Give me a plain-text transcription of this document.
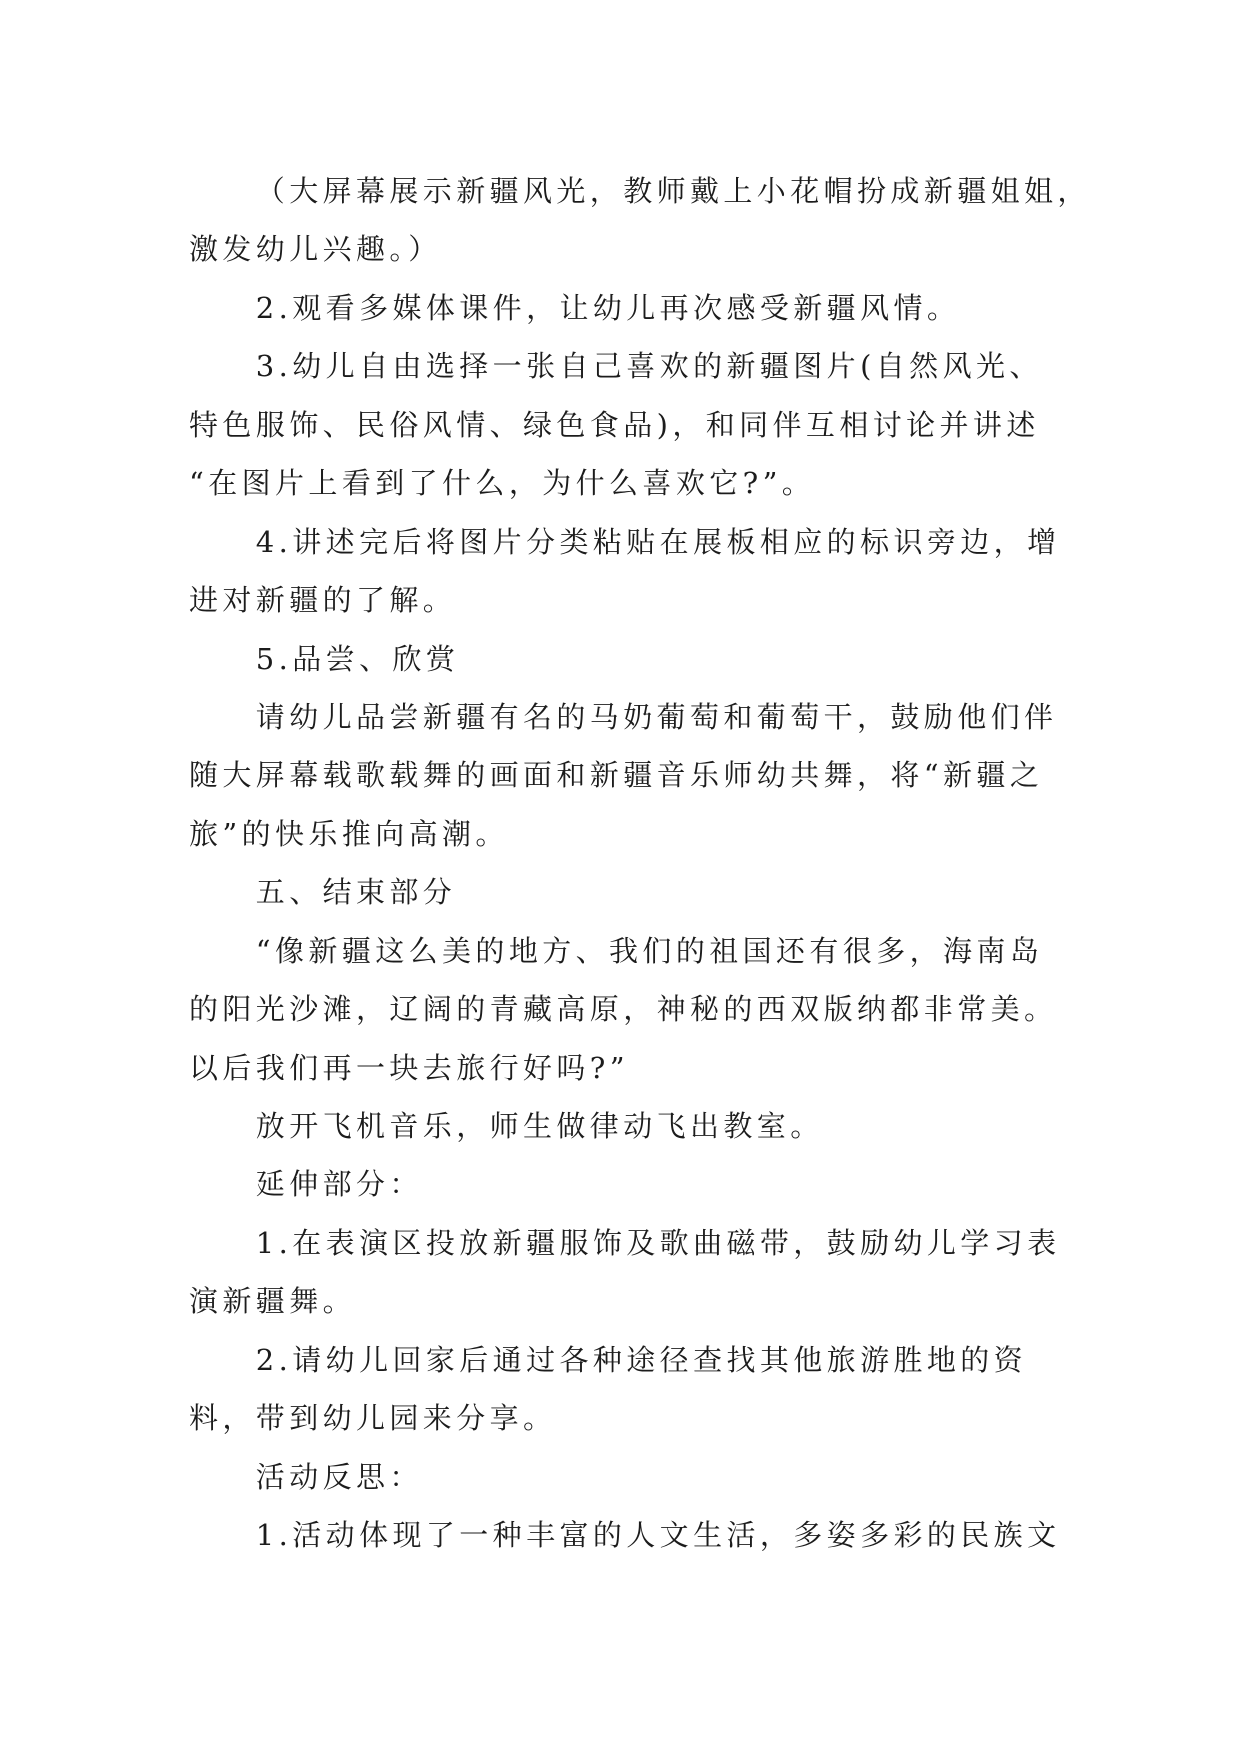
（大屏幕展示新疆风光，教师戴上小花帽扮成新疆姐姐，
激发幼儿兴趣。）
2.观看多媒体课件，让幼儿再次感受新疆风情。
3.幼儿自由选择一张自己喜欢的新疆图片(自然风光、
特色服饰、民俗风情、绿色食品)，和同伴互相讨论并讲述
“在图片上看到了什么，为什么喜欢它?”。
4.讲述完后将图片分类粘贴在展板相应的标识旁边，增
进对新疆的了解。
5.品尝、欣赏
请幼儿品尝新疆有名的马奶葡萄和葡萄干，鼓励他们伴
随大屏幕载歌载舞的画面和新疆音乐师幼共舞，将“新疆之
旅”的快乐推向高潮。
五、结束部分
“像新疆这么美的地方、我们的祖国还有很多，海南岛
的阳光沙滩，辽阔的青藏高原，神秘的西双版纳都非常美。
以后我们再一块去旅行好吗?”
放开飞机音乐，师生做律动飞出教室。
延伸部分：
1.在表演区投放新疆服饰及歌曲磁带，鼓励幼儿学习表
演新疆舞。
2.请幼儿回家后通过各种途径查找其他旅游胜地的资
料，带到幼儿园来分享。
活动反思：
1.活动体现了一种丰富的人文生活，多姿多彩的民族文
